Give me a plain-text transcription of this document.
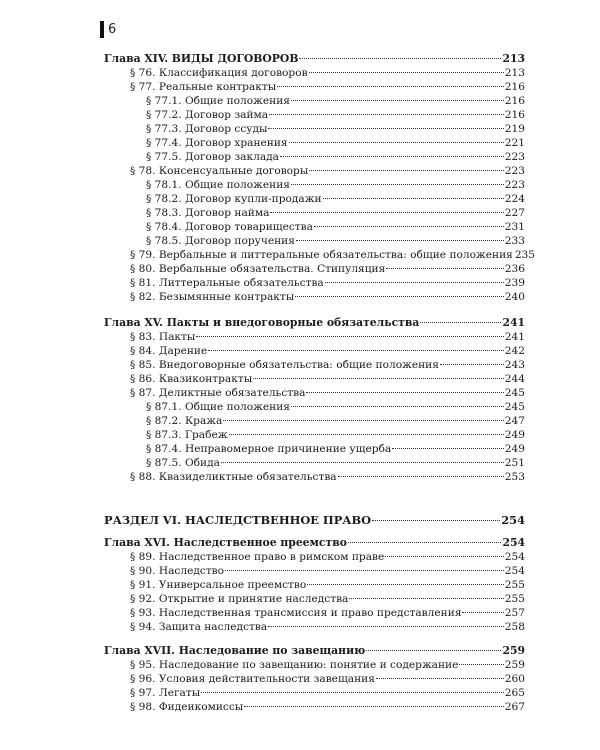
6
Глава XIV. ВИДЫ ДОГОВОРОВ	213
§ 76. Классификация договоров	213
§ 77. Реальные контракты	216
§ 77.1. Общие положения	216
§ 77.2. Договор займа	216
§ 77.3. Договор ссуды	219
§ 77.4. Договор хранения	221
§ 77.5. Договор заклада	223
§ 78. Консенсуальные договоры	223
§ 78.1. Общие положения	223
§ 78.2. Договор купли-продажи	224
§ 78.3. Договор найма	227
§ 78.4. Договор товарищества	231
§ 78.5. Договор поручения	233
§ 79. Вербальные и литтеральные обязательства: общие положения 235
§ 80. Вербальные обязательства. Стипуляция	236
§ 81. Литтеральные обязательства	239
§ 82. Безымянные контракты	240
Глава XV. Пакты и внедоговорные обязательства	241
§ 83. Пакты	241
§ 84. Дарение	242
§ 85. Внедоговорные обязательства: общие положения	243
§ 86. Квазиконтракты	244
§ 87. Деликтные обязательства	245
§ 87.1. Общие положения	245
§ 87.2. Кража	247
§ 87.3. Грабеж	249
§ 87.4. Неправомерное причинение ущерба	249
§ 87.5. Обида	251
§ 88. Квазиделиктные обязательства	253
РАЗДЕЛ VI. НАСЛЕДСТВЕННОЕ ПРАВО	254
Глава XVI. Наследственное преемство	254
§ 89. Наследственное право в римском праве	254
§ 90. Наследство	254
§ 91. Универсальное преемство	255
§ 92. Открытие и принятие наследства	255
§ 93. Наследственная трансмиссия и право представления	257
§ 94. Защита наследства	258
Глава XVII. Наследование по завещанию	259
§ 95. Наследование по завещанию: понятие и содержание	259
§ 96. Условия действительности завещания	260
§ 97. Легаты	265
§ 98. Фидеикомиссы	267
